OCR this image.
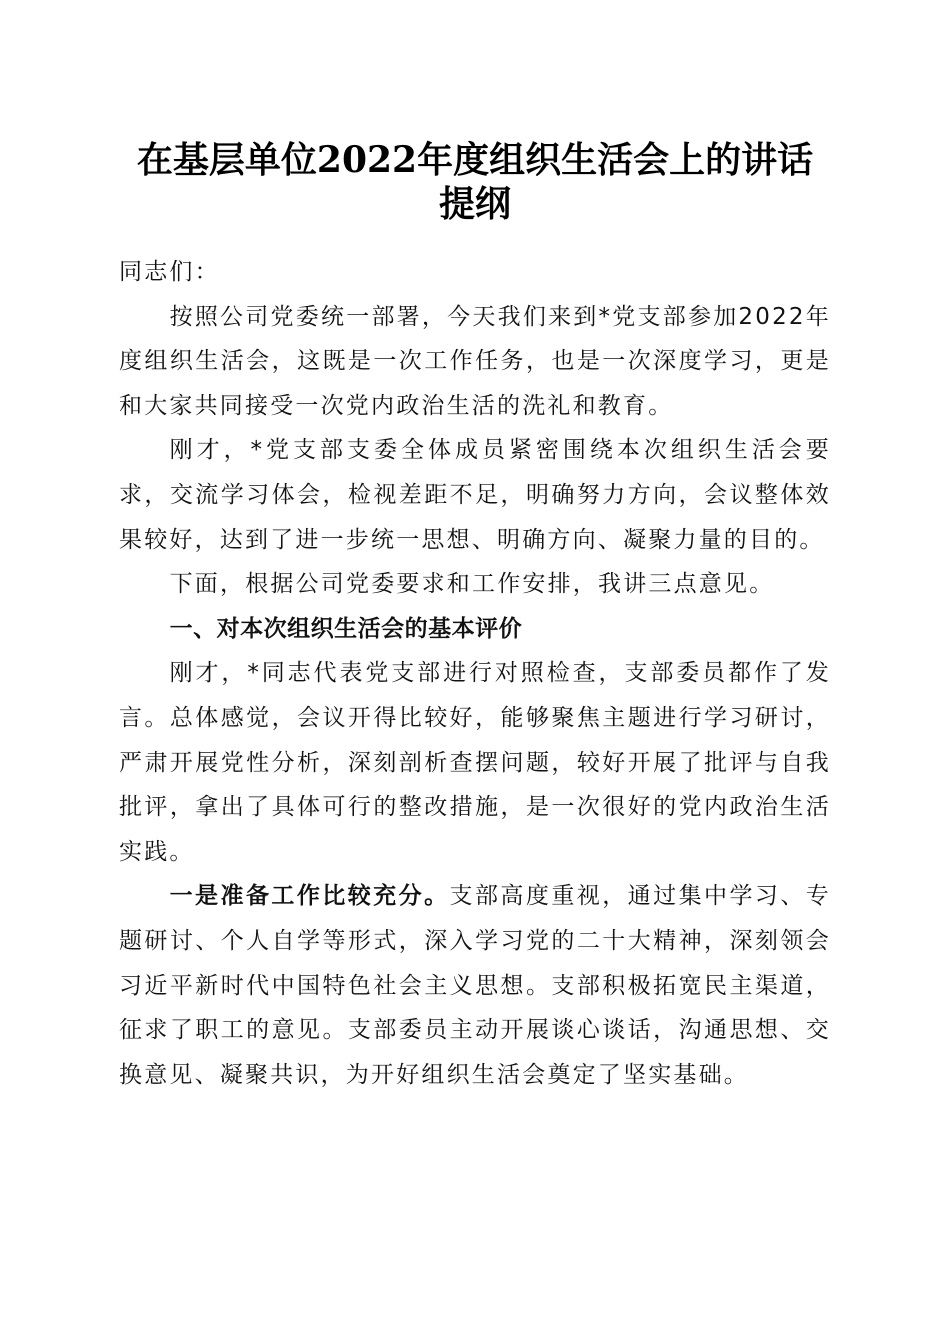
在基层单位2022年度组织生活会上的讲话提纲

同志们：

按照公司党委统一部署，今天我们来到*党支部参加2022年度组织生活会，这既是一次工作任务，也是一次深度学习，更是和大家共同接受一次党内政治生活的洗礼和教育。

刚才，*党支部支委全体成员紧密围绕本次组织生活会要求，交流学习体会，检视差距不足，明确努力方向，会议整体效果较好，达到了进一步统一思想、明确方向、凝聚力量的目的。

下面，根据公司党委要求和工作安排，我讲三点意见。

一、对本次组织生活会的基本评价

刚才，*同志代表党支部进行对照检查，支部委员都作了发言。总体感觉，会议开得比较好，能够聚焦主题进行学习研讨，严肃开展党性分析，深刻剖析查摆问题，较好开展了批评与自我批评，拿出了具体可行的整改措施，是一次很好的党内政治生活实践。

一是准备工作比较充分。支部高度重视，通过集中学习、专题研讨、个人自学等形式，深入学习党的二十大精神，深刻领会习近平新时代中国特色社会主义思想。支部积极拓宽民主渠道，征求了职工的意见。支部委员主动开展谈心谈话，沟通思想、交换意见、凝聚共识，为开好组织生活会奠定了坚实基础。
